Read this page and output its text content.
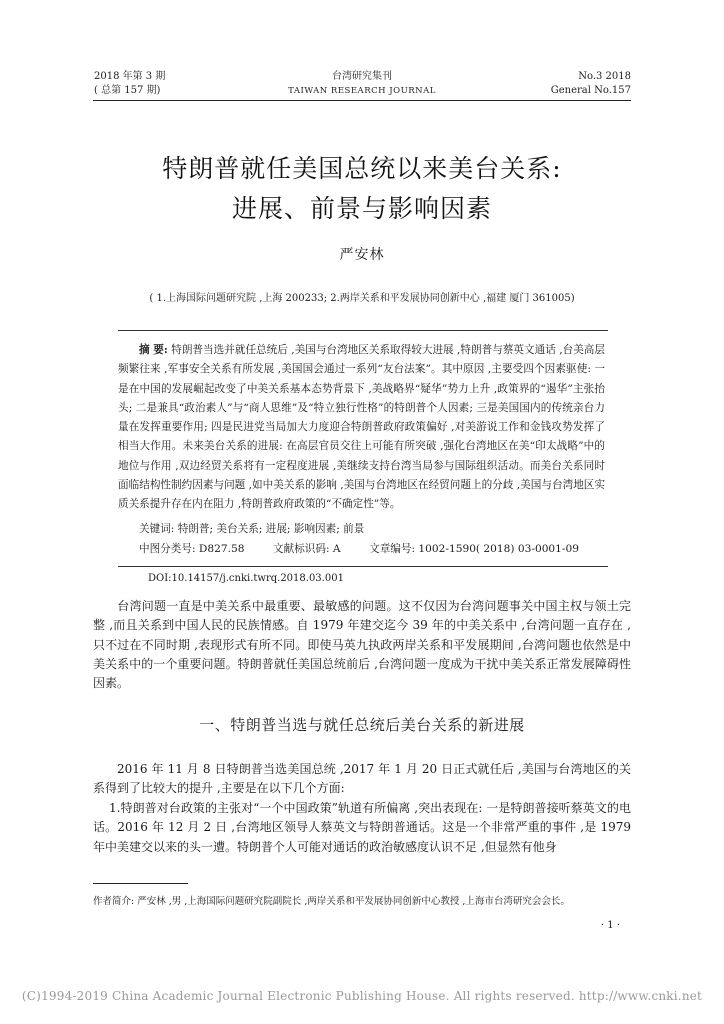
2018 年第 3 期
( 总第 157 期)
台湾研究集刊
TAIWAN RESEARCH JOURNAL
No.3 2018
General No.157
特朗普就任美国总统以来美台关系:
进展、前景与影响因素
严安林
( 1.上海国际问题研究院 ,上海 200233; 2.两岸关系和平发展协同创新中心 ,福建 厦门 361005)
摘 要: 特朗普当选并就任总统后 ,美国与台湾地区关系取得较大进展 ,特朗普与蔡英文通话 ,台美高层频繁往来 ,军事安全关系有所发展 ,美国国会通过一系列“友台法案”。其中原因 ,主要受四个因素驱使: 一是在中国的发展崛起改变了中美关系基本态势背景下 ,美战略界“疑华”势力上升 ,政策界的“遏华”主张抬头; 二是兼具“政治素人”与“商人思维”及“特立独行性格”的特朗普个人因素; 三是美国国内的传统亲台力量在发挥重要作用; 四是民进党当局加大力度迎合特朗普政府政策偏好 ,对美游说工作和金钱攻势发挥了相当大作用。未来美台关系的进展: 在高层官员交往上可能有所突破 ,强化台湾地区在美“印太战略”中的地位与作用 ,双边经贸关系将有一定程度进展 ,美继续支持台湾当局参与国际组织活动。而美台关系同时面临结构性制约因素与问题 ,如中美关系的影响 ,美国与台湾地区在经贸问题上的分歧 ,美国与台湾地区实质关系提升存在内在阻力 ,特朗普政府政策的“不确定性”等。
关键词: 特朗普; 美台关系; 进展; 影响因素; 前景
中图分类号: D827.58	文献标识码: A	文章编号: 1002-1590( 2018) 03-0001-09
DOI:10.14157/j.cnki.twrq.2018.03.001
台湾问题一直是中美关系中最重要、最敏感的问题。这不仅因为台湾问题事关中国主权与领土完整 ,而且关系到中国人民的民族情感。自 1979 年建交迄今 39 年的中美关系中 ,台湾问题一直存在 ,只不过在不同时期 ,表现形式有所不同。即使马英九执政两岸关系和平发展期间 ,台湾问题也依然是中美关系中的一个重要问题。特朗普就任美国总统前后 ,台湾问题一度成为干扰中美关系正常发展障碍性因素。
一、特朗普当选与就任总统后美台关系的新进展
2016 年 11 月 8 日特朗普当选美国总统 ,2017 年 1 月 20 日正式就任后 ,美国与台湾地区的关系得到了比较大的提升 ,主要是在以下几个方面:
1.特朗普对台政策的主张对“一个中国政策”轨道有所偏离 ,突出表现在: 一是特朗普接听蔡英文的电话。2016 年 12 月 2 日 ,台湾地区领导人蔡英文与特朗普通话。这是一个非常严重的事件 ,是 1979 年中美建交以来的头一遭。特朗普个人可能对通话的政治敏感度认识不足 ,但显然有他身
作者简介: 严安林 ,男 ,上海国际问题研究院副院长 ,两岸关系和平发展协同创新中心教授 ,上海市台湾研究会会长。
· 1 ·
(C)1994-2019 China Academic Journal Electronic Publishing House. All rights reserved. http://www.cnki.net
